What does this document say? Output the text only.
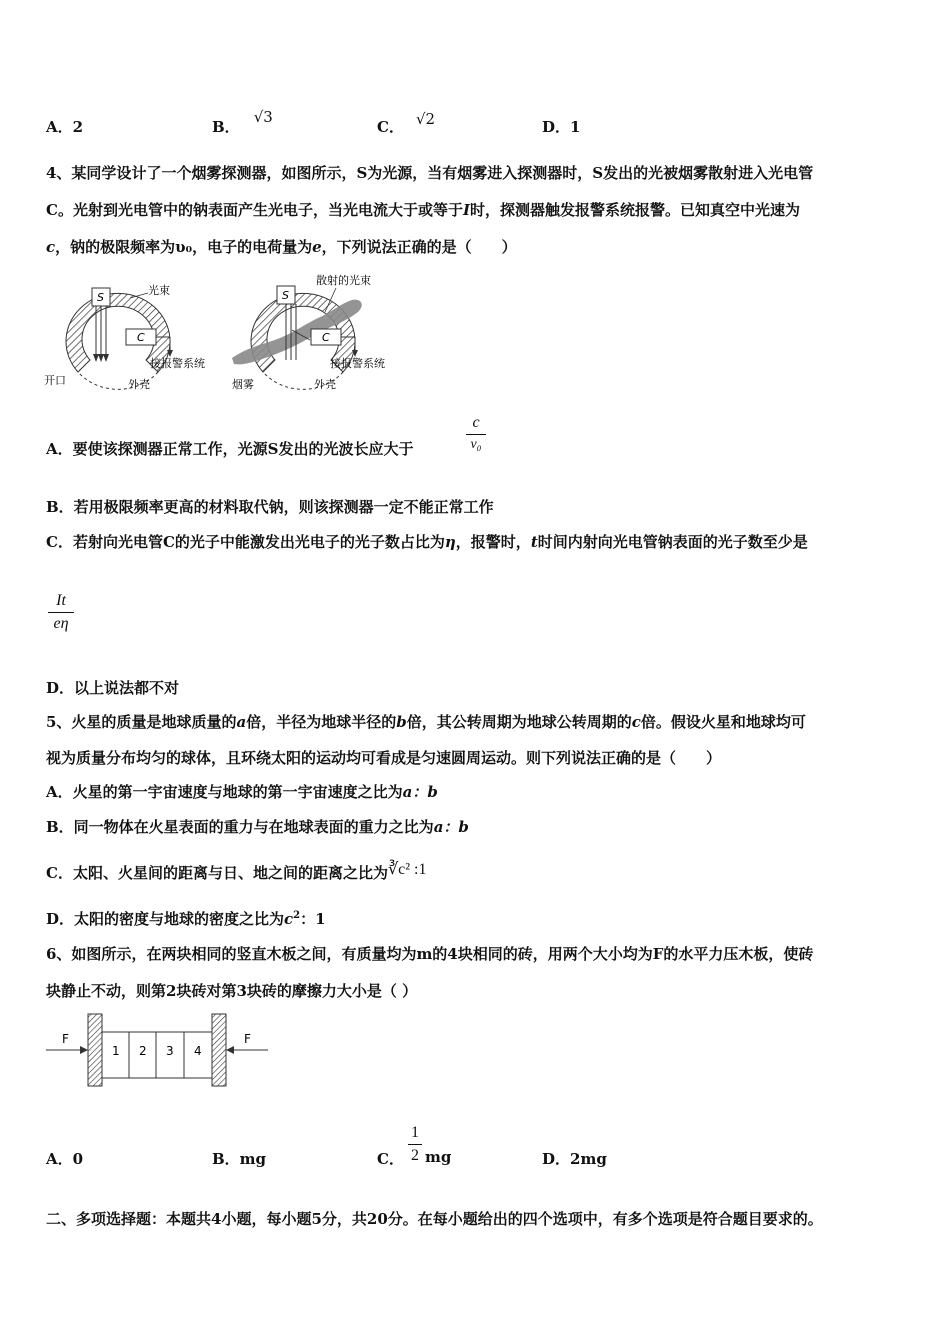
A．2	B．√3
C． √2	D．1
4、某同学设计了一个烟雾探测器，如图所示，S为光源，当有烟雾进入探测器时，S发出的光被烟雾散射进入光电管
C。光射到光电管中的钠表面产生光电子，当光电流大于或等于I时，探测器触发报警系统报警。已知真空中光速为
c，钠的极限频率为υ₀，电子的电荷量为e，下列说法正确的是（　　）
S
C
光束
接报警系统
开口	外壳
S
C
散射的光束
接报警系统
烟雾	外壳
A．要使该探测器正常工作，光源S发出的光波长应大于
c
v₀
B．若用极限频率更高的材料取代钠，则该探测器一定不能正常工作
C．若射向光电管C的光子中能激发出光电子的光子数占比为η，报警时，t时间内射向光电管钠表面的光子数至少是
It
eη
D．以上说法都不对
5、火星的质量是地球质量的a倍，半径为地球半径的b倍，其公转周期为地球公转周期的c倍。假设火星和地球均可
视为质量分布均匀的球体，且环绕太阳的运动均可看成是匀速圆周运动。则下列说法正确的是（　　）
A．火星的第一宇宙速度与地球的第一宇宙速度之比为a：b
B．同一物体在火星表面的重力与在地球表面的重力之比为a：b
C．太阳、火星间的距离与日、地之间的距离之比为∛c² :1
D．太阳的密度与地球的密度之比为$c^2$：1
6、如图所示，在两块相同的竖直木板之间，有质量均为m的4块相同的砖，用两个大小均为F的水平力压木板，使砖
块静止不动，则第2块砖对第3块砖的摩擦力大小是（ ）
1 2 3 4
F	F
A．0	B．mg	C．
1
2 mg	D．2mg
二、多项选择题：本题共4小题，每小题5分，共20分。在每小题给出的四个选项中，有多个选项是符合题目要求的。
